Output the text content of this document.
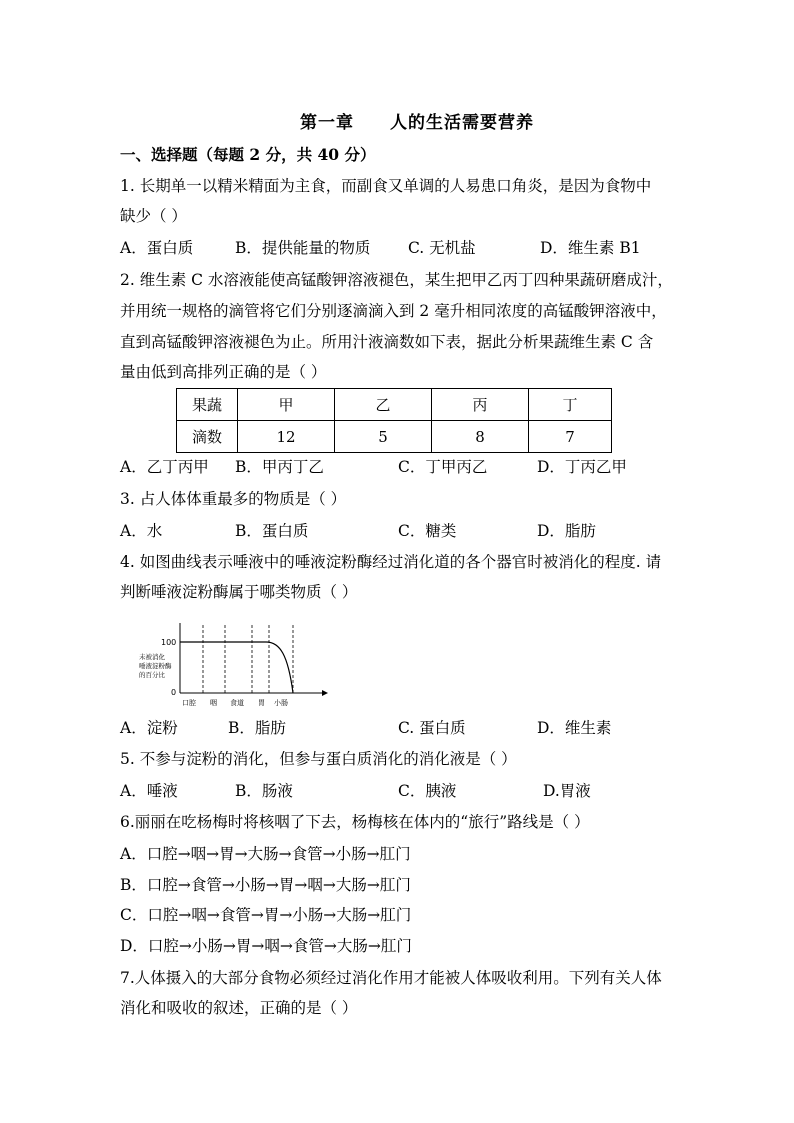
第一章　　人的生活需要营养
一、选择题（每题 2 分，共 40 分）
1. 长期单一以精米精面为主食，而副食又单调的人易患口角炎，是因为食物中
缺少（ ）
A．蛋白质	B．提供能量的物质 C. 无机盐	D．维生素 B1
2. 维生素 C 水溶液能使高锰酸钾溶液褪色，某生把甲乙丙丁四种果蔬研磨成汁，
并用统一规格的滴管将它们分别逐滴滴入到 2 毫升相同浓度的高锰酸钾溶液中，
直到高锰酸钾溶液褪色为止。所用汁液滴数如下表，据此分析果蔬维生素 C 含
量由低到高排列正确的是（ ）
果蔬	甲	乙	丙	丁
滴数	12	5	8	7
A．乙丁丙甲 B．甲丙丁乙	C．丁甲丙乙	D．丁丙乙甲
3. 占人体体重最多的物质是（ ）
A．水	B．蛋白质	C．糖类	D．脂肪
4. 如图曲线表示唾液中的唾液淀粉酶经过消化道的各个器官时被消化的程度. 请
判断唾液淀粉酶属于哪类物质（ ）
100
0
未被消化
唾液淀粉酶
的百分比
口腔 咽 食道 胃 小肠
A．淀粉	B．脂肪	C. 蛋白质	D．维生素
5. 不参与淀粉的消化，但参与蛋白质消化的消化液是（ ）
A．唾液	B．肠液	C．胰液	D.胃液
6.丽丽在吃杨梅时将核咽了下去，杨梅核在体内的“旅行”路线是（ ）
A．口腔→咽→胃→大肠→食管→小肠→肛门
B．口腔→食管→小肠→胃→咽→大肠→肛门
C．口腔→咽→食管→胃→小肠→大肠→肛门
D．口腔→小肠→胃→咽→食管→大肠→肛门
7.人体摄入的大部分食物必须经过消化作用才能被人体吸收利用。下列有关人体
消化和吸收的叙述，正确的是（ ）
